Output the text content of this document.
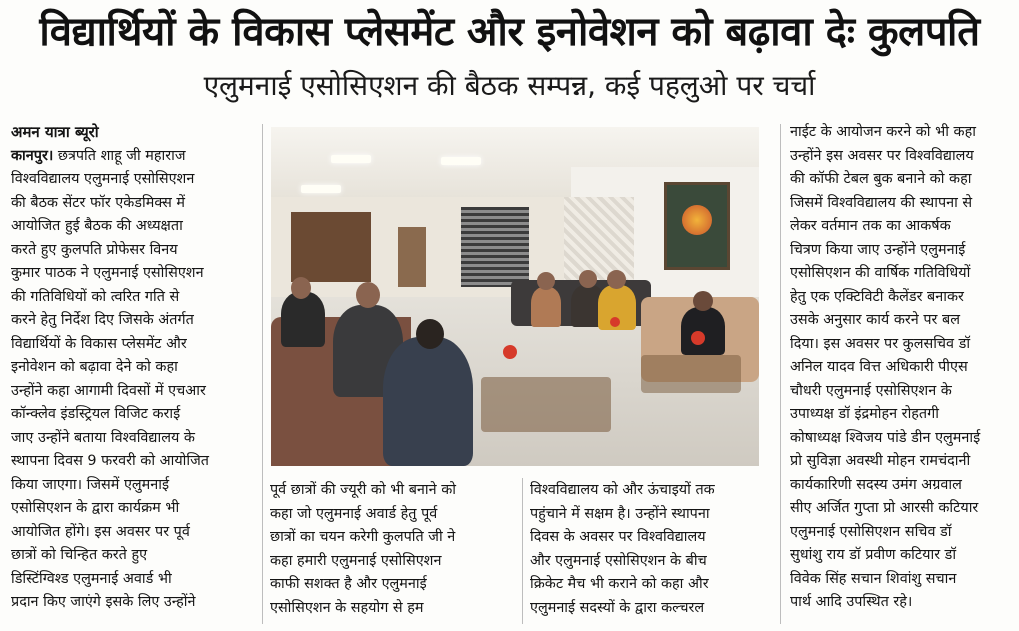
विद्यार्थियों के विकास प्लेसमेंट और इनोवेशन को बढ़ावा देः कुलपति
एलुमनाई एसोसिएशन की बैठक सम्पन्न, कई पहलुओ पर चर्चा

अमन यात्रा ब्यूरो

कानपुर। छत्रपति शाहू जी महाराज

विश्वविद्यालय एलुमनाई एसोसिएशन

की बैठक सेंटर फॉर एकेडमिक्स में

आयोजित हुई बैठक की अध्यक्षता

करते हुए कुलपति प्रोफेसर विनय

कुमार पाठक ने एलुमनाई एसोसिएशन

की गतिविधियों को त्वरित गति से

करने हेतु निर्देश दिए जिसके अंतर्गत

विद्यार्थियों के विकास प्लेसमेंट और

इनोवेशन को बढ़ावा देने को कहा

उन्होंने कहा आगामी दिवसों में एचआर

कॉन्क्लेव इंडस्ट्रियल विजिट कराई

जाए उन्होंने बताया विश्वविद्यालय के

स्थापना दिवस 9 फरवरी को आयोजित

किया जाएगा। जिसमें एलुमनाई

एसोसिएशन के द्वारा कार्यक्रम भी

आयोजित होंगे। इस अवसर पर पूर्व

छात्रों को चिन्हित करते हुए

डिस्टिंग्विश्ड एलुमनाई अवार्ड भी

प्रदान किए जाएंगे इसके लिए उन्होंने

पूर्व छात्रों की ज्यूरी को भी बनाने को

कहा जो एलुमनाई अवार्ड हेतु पूर्व

छात्रों का चयन करेगी कुलपति जी ने

कहा हमारी एलुमनाई एसोसिएशन

काफी सशक्त है और एलुमनाई

एसोसिएशन के सहयोग से हम

विश्वविद्यालय को और ऊंचाइयों तक

पहुंचाने में सक्षम है। उन्होंने स्थापना

दिवस के अवसर पर विश्वविद्यालय

और एलुमनाई एसोसिएशन के बीच

क्रिकेट मैच भी कराने को कहा और

एलुमनाई सदस्यों के द्वारा कल्चरल

नाईट के आयोजन करने को भी कहा

उन्होंने इस अवसर पर विश्वविद्यालय

की कॉफी टेबल बुक बनाने को कहा

जिसमें विश्वविद्यालय की स्थापना से

लेकर वर्तमान तक का आकर्षक

चित्रण किया जाए उन्होंने एलुमनाई

एसोसिएशन की वार्षिक गतिविधियों

हेतु एक एक्टिविटी कैलेंडर बनाकर

उसके अनुसार कार्य करने पर बल

दिया। इस अवसर पर कुलसचिव डॉ

अनिल यादव वित्त अधिकारी पीएस

चौधरी एलुमनाई एसोसिएशन के

उपाध्यक्ष डॉ इंद्रमोहन रोहतगी

कोषाध्यक्ष श्विजय पांडे डीन एलुमनाई

प्रो सुविज्ञा अवस्थी मोहन रामचंदानी

कार्यकारिणी सदस्य उमंग अग्रवाल

सीए अर्जित गुप्ता प्रो आरसी कटियार

एलुमनाई एसोसिएशन सचिव डॉ

सुधांशु राय डॉ प्रवीण कटियार डॉ

विवेक सिंह सचान शिवांशु सचान

पार्थ आदि उपस्थित रहे।
